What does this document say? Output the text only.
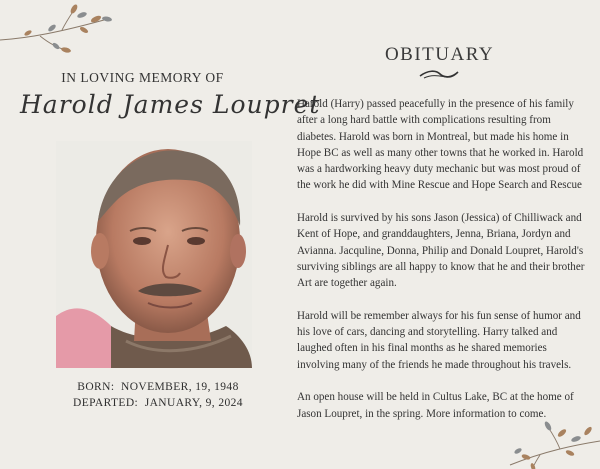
IN LOVING MEMORY OF
Harold James Loupret
BORN: NOVEMBER, 19, 1948
DEPARTED: JANUARY, 9, 2024
OBITUARY

Harold (Harry) passed peacefully in the presence of his family after a long hard battle with complications resulting from diabetes. Harold was born in Montreal, but made his home in Hope BC as well as many other towns that he worked in. Harold was a hardworking heavy duty mechanic but was most proud of the work he did with Mine Rescue and Hope Search and Rescue

Harold is survived by his sons Jason (Jessica) of Chilliwack and Kent of Hope, and granddaughters, Jenna, Briana, Jordyn and Avianna. Jacquline, Donna, Philip and Donald Loupret, Harold's surviving siblings are all happy to know that he and their brother Art are together again.

Harold will be remember always for his fun sense of humor and his love of cars, dancing and storytelling. Harry talked and laughed often in his final months as he shared memories involving many of the friends he made throughout his travels.

An open house will be held in Cultus Lake, BC at the home of Jason Loupret, in the spring. More information to come.
